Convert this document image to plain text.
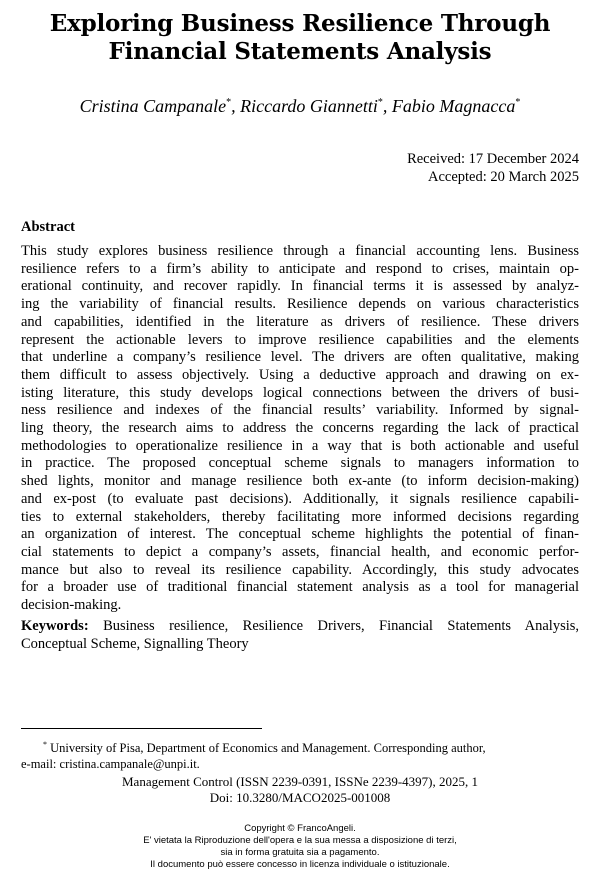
Exploring Business Resilience Through
Financial Statements Analysis
Cristina Campanale*, Riccardo Giannetti*, Fabio Magnacca*
Received: 17 December 2024
Accepted: 20 March 2025
Abstract
This study explores business resilience through a financial accounting lens. Business
resilience refers to a firm’s ability to anticipate and respond to crises, maintain op-
erational continuity, and recover rapidly. In financial terms it is assessed by analyz-
ing the variability of financial results. Resilience depends on various characteristics
and capabilities, identified in the literature as drivers of resilience. These drivers
represent the actionable levers to improve resilience capabilities and the elements
that underline a company’s resilience level. The drivers are often qualitative, making
them difficult to assess objectively. Using a deductive approach and drawing on ex-
isting literature, this study develops logical connections between the drivers of busi-
ness resilience and indexes of the financial results’ variability. Informed by signal-
ling theory, the research aims to address the concerns regarding the lack of practical
methodologies to operationalize resilience in a way that is both actionable and useful
in practice. The proposed conceptual scheme signals to managers information to
shed lights, monitor and manage resilience both ex-ante (to inform decision-making)
and ex-post (to evaluate past decisions). Additionally, it signals resilience capabili-
ties to external stakeholders, thereby facilitating more informed decisions regarding
an organization of interest. The conceptual scheme highlights the potential of finan-
cial statements to depict a company’s assets, financial health, and economic perfor-
mance but also to reveal its resilience capability. Accordingly, this study advocates
for a broader use of traditional financial statement analysis as a tool for managerial
decision-making.
Keywords: Business resilience, Resilience Drivers, Financial Statements Analysis,
Conceptual Scheme, Signalling Theory
* University of Pisa, Department of Economics and Management. Corresponding author,
e-mail: cristina.campanale@unpi.it.
Management Control (ISSN 2239-0391, ISSNe 2239-4397), 2025, 1
Doi: 10.3280/MACO2025-001008
Copyright © FrancoAngeli.
E' vietata la Riproduzione dell'opera e la sua messa a disposizione di terzi,
sia in forma gratuita sia a pagamento.
Il documento può essere concesso in licenza individuale o istituzionale.
